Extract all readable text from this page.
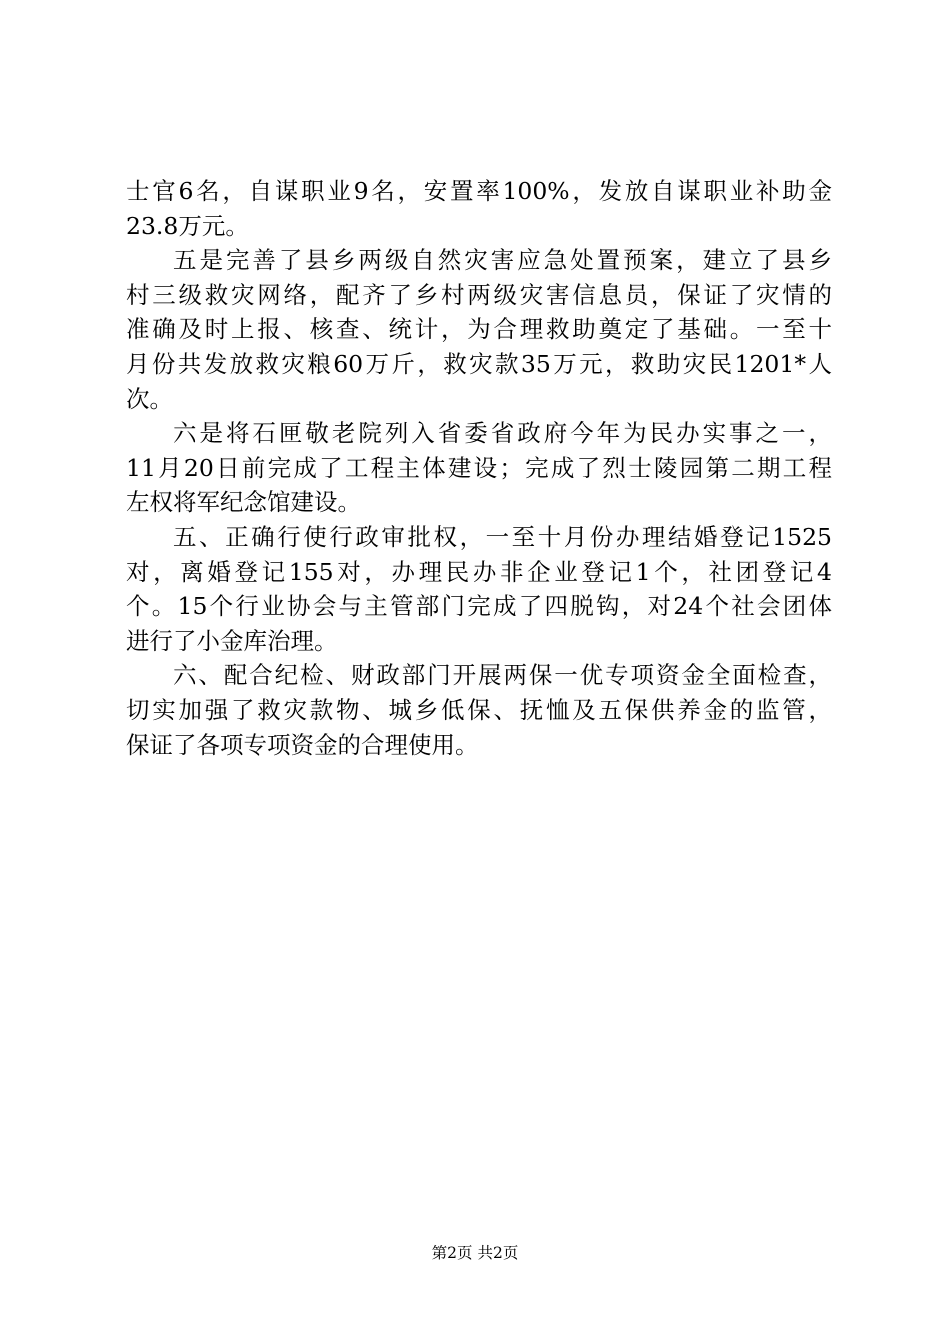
士官6名，自谋职业9名，安置率100%，发放自谋职业补助金
23.8万元。
五是完善了县乡两级自然灾害应急处置预案，建立了县乡
村三级救灾网络，配齐了乡村两级灾害信息员，保证了灾情的
准确及时上报、核查、统计，为合理救助奠定了基础。一至十
月份共发放救灾粮60万斤，救灾款35万元，救助灾民1201*人
次。
六是将石匣敬老院列入省委省政府今年为民办实事之一，
11月20日前完成了工程主体建设；完成了烈士陵园第二期工程
左权将军纪念馆建设。
五、正确行使行政审批权，一至十月份办理结婚登记1525
对，离婚登记155对，办理民办非企业登记1个，社团登记4
个。15个行业协会与主管部门完成了四脱钩，对24个社会团体
进行了小金库治理。
六、配合纪检、财政部门开展两保一优专项资金全面检查，
切实加强了救灾款物、城乡低保、抚恤及五保供养金的监管，
保证了各项专项资金的合理使用。
第2页 共2页
